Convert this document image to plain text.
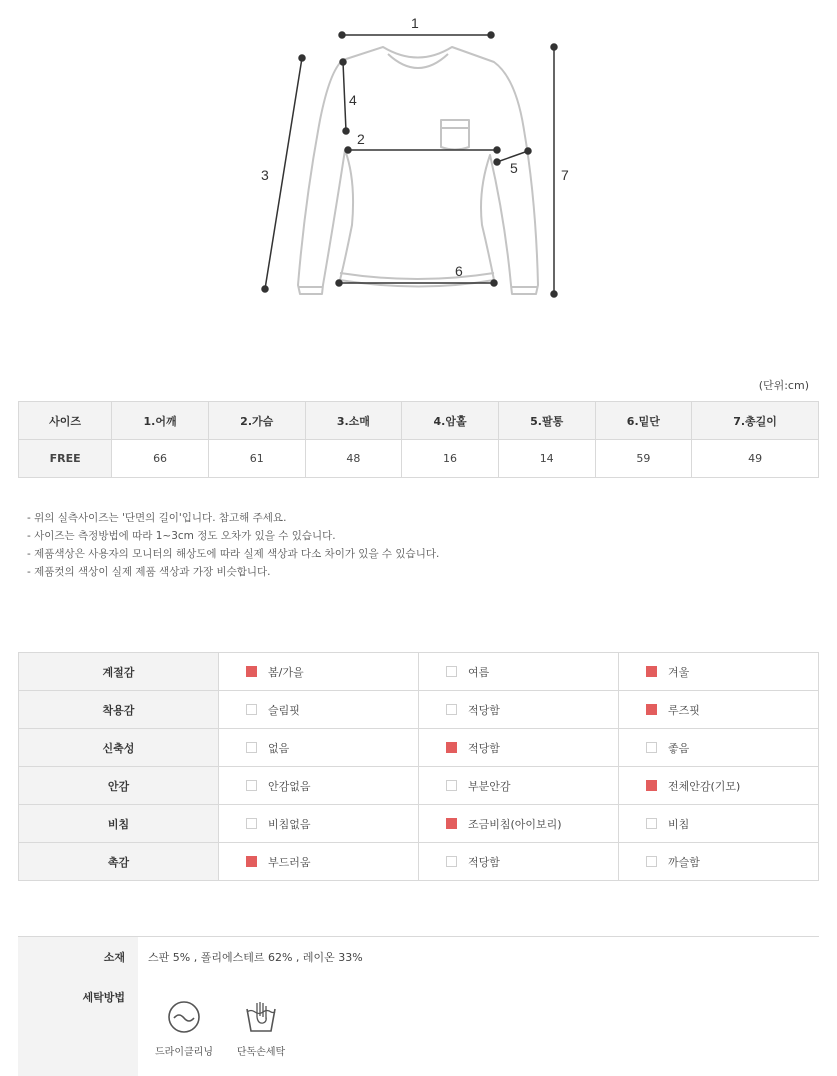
1
2
3
4
5
6
7
(단위:cm)
사이즈	1.어깨	2.가슴	3.소매	4.암홀	5.팔통	6.밑단	7.총길이
FREE	66	61	48	16	14	59	49
- 위의 실측사이즈는 '단면의 길이'입니다. 참고해 주세요.
- 사이즈는 측정방법에 따라 1~3cm 정도 오차가 있을 수 있습니다.
- 제품색상은 사용자의 모니터의 해상도에 따라 실제 색상과 다소 차이가 있을 수 있습니다.
- 제품컷의 색상이 실제 제품 색상과 가장 비슷합니다.
계절감	봄/가을	여름	겨울
착용감	슬림핏	적당함	루즈핏
신축성	없음	적당함	좋음
안감	안감없음	부분안감	전체안감(기모)
비침	비침없음	조금비침(아이보리)	비침
촉감	부드러움	적당함	까슬함
소재 스판 5% , 폴리에스테르 62% , 레이온 33%
세탁방법
드라이클리닝	단독손세탁
